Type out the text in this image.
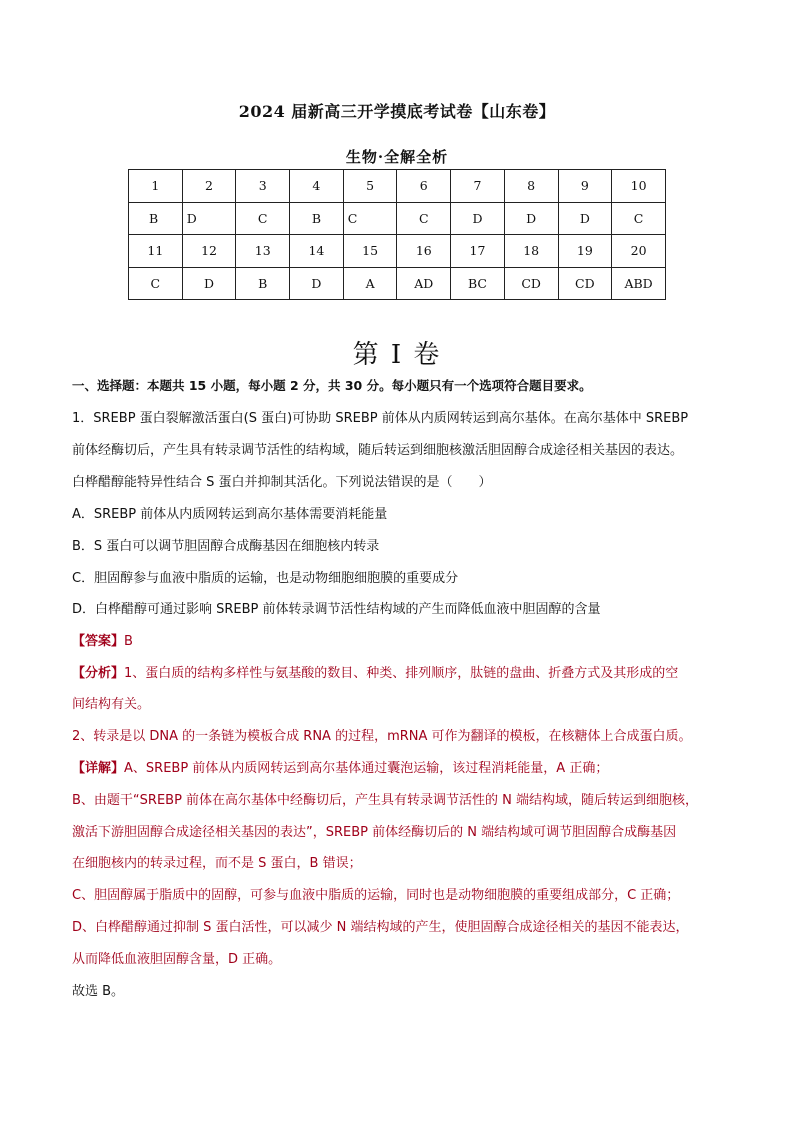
2024 届新高三开学摸底考试卷【山东卷】
生物·全解全析
1	2	3	4	5	6	7	8	9	10
B	D	C	B	C	C	D	D	D	C
11	12	13	14	15	16	17	18	19	20
C	D	B	D	A	AD	BC	CD	CD	ABD
第 I 卷
一、选择题：本题共 15 小题，每小题 2 分，共 30 分。每小题只有一个选项符合题目要求。
1．SREBP 蛋白裂解激活蛋白(S 蛋白)可协助 SREBP 前体从内质网转运到高尔基体。在高尔基体中 SREBP
前体经酶切后，产生具有转录调节活性的结构域，随后转运到细胞核激活胆固醇合成途径相关基因的表达。
白桦醋醇能特异性结合 S 蛋白并抑制其活化。下列说法错误的是（　　）
A．SREBP 前体从内质网转运到高尔基体需要消耗能量
B．S 蛋白可以调节胆固醇合成酶基因在细胞核内转录
C．胆固醇参与血液中脂质的运输，也是动物细胞细胞膜的重要成分
D．白桦醋醇可通过影响 SREBP 前体转录调节活性结构域的产生而降低血液中胆固醇的含量
【答案】B
【分析】1、蛋白质的结构多样性与氨基酸的数目、种类、排列顺序，肽链的盘曲、折叠方式及其形成的空
间结构有关。
2、转录是以 DNA 的一条链为模板合成 RNA 的过程，mRNA 可作为翻译的模板，在核糖体上合成蛋白质。
【详解】A、SREBP 前体从内质网转运到高尔基体通过囊泡运输，该过程消耗能量，A 正确；
B、由题干“SREBP 前体在高尔基体中经酶切后，产生具有转录调节活性的 N 端结构域，随后转运到细胞核，
激活下游胆固醇合成途径相关基因的表达”，SREBP 前体经酶切后的 N 端结构域可调节胆固醇合成酶基因
在细胞核内的转录过程，而不是 S 蛋白，B 错误；
C、胆固醇属于脂质中的固醇，可参与血液中脂质的运输，同时也是动物细胞膜的重要组成部分，C 正确；
D、白桦醋醇通过抑制 S 蛋白活性，可以减少 N 端结构域的产生，使胆固醇合成途径相关的基因不能表达，
从而降低血液胆固醇含量，D 正确。
故选 B。
